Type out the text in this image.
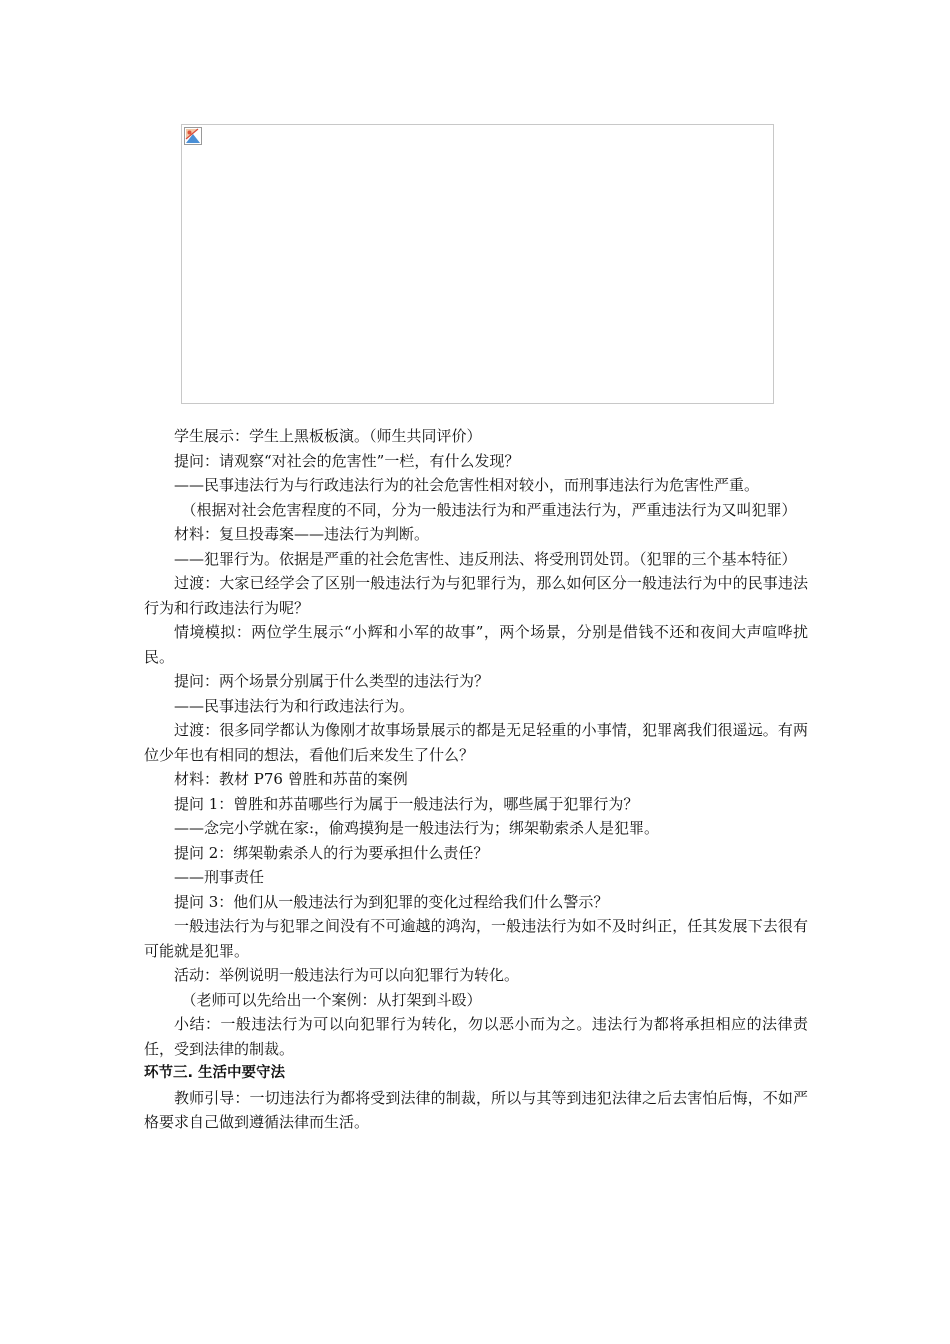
学生展示：学生上黑板板演。（师生共同评价）

提问：请观察“对社会的危害性”一栏，有什么发现？

——民事违法行为与行政违法行为的社会危害性相对较小，而刑事违法行为危害性严重。

（根据对社会危害程度的不同，分为一般违法行为和严重违法行为，严重违法行为又叫犯罪）

材料：复旦投毒案——违法行为判断。

——犯罪行为。依据是严重的社会危害性、违反刑法、将受刑罚处罚。（犯罪的三个基本特征）

过渡：大家已经学会了区别一般违法行为与犯罪行为，那么如何区分一般违法行为中的民事违法行为和行政违法行为呢？

情境模拟：两位学生展示“小辉和小军的故事”，两个场景，分别是借钱不还和夜间大声喧哗扰民。

提问：两个场景分别属于什么类型的违法行为？

——民事违法行为和行政违法行为。

过渡：很多同学都认为像刚才故事场景展示的都是无足轻重的小事情，犯罪离我们很遥远。有两位少年也有相同的想法，看他们后来发生了什么？

材料：教材 P76 曾胜和苏苗的案例

提问 1：曾胜和苏苗哪些行为属于一般违法行为，哪些属于犯罪行为？

——念完小学就在家:，偷鸡摸狗是一般违法行为；绑架勒索杀人是犯罪。

提问 2：绑架勒索杀人的行为要承担什么责任？

——刑事责任

提问 3：他们从一般违法行为到犯罪的变化过程给我们什么警示？

一般违法行为与犯罪之间没有不可逾越的鸿沟，一般违法行为如不及时纠正，任其发展下去很有可能就是犯罪。

活动：举例说明一般违法行为可以向犯罪行为转化。

（老师可以先给出一个案例：从打架到斗殴）

小结：一般违法行为可以向犯罪行为转化，勿以恶小而为之。违法行为都将承担相应的法律责任，受到法律的制裁。

环节三. 生活中要守法

教师引导：一切违法行为都将受到法律的制裁，所以与其等到违犯法律之后去害怕后悔，不如严格要求自己做到遵循法律而生活。
